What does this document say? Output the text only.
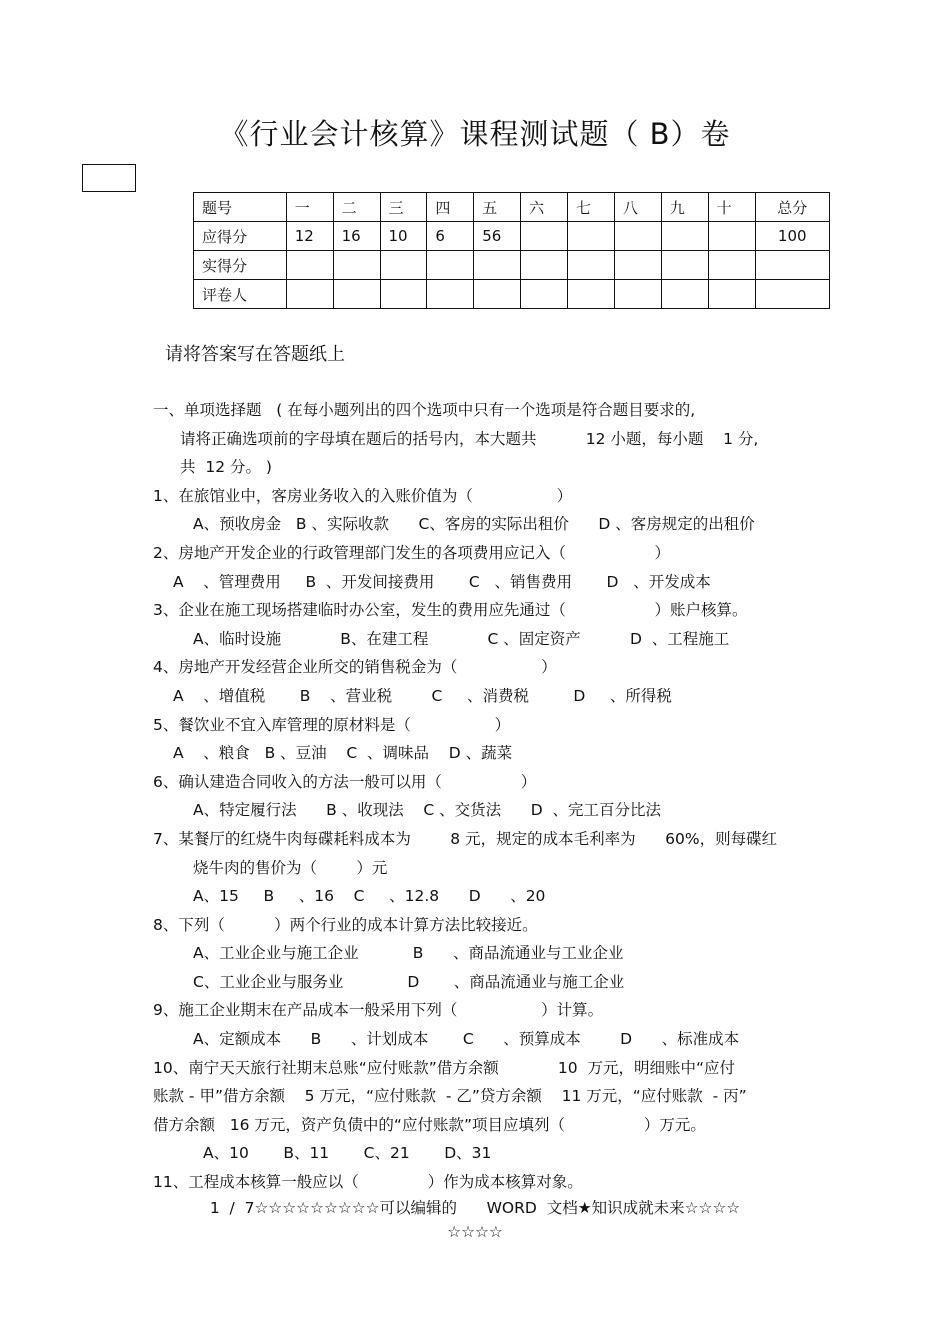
《行业会计核算》课程测试题（ B）卷
题号	一	二	三	四	五	六	七	八	九	十	总分
应得分	12	16	10	6	56						100
实得分											
评卷人											
请将答案写在答题纸上
一、单项选择题   ( 在每小题列出的四个选项中只有一个选项是符合题目要求的,
请将正确选项前的字母填在题后的括号内，本大题共          12 小题，每小题    1 分,
共  12 分。 )
1、在旅馆业中，客房业务收入的入账价值为（                 ）
A、预收房金   B 、实际收款      C、客房的实际出租价      D 、客房规定的出租价
2、房地产开发企业的行政管理部门发生的各项费用应记入（                  ）
A    、管理费用     B  、开发间接费用       C   、销售费用       D   、开发成本
3、企业在施工现场搭建临时办公室，发生的费用应先通过（                  ）账户核算。
A、临时设施            B、在建工程            C 、固定资产          D  、工程施工
4、房地产开发经营企业所交的销售税金为（                 ）
A    、增值税       B    、营业税        C     、消费税         D     、所得税
5、餐饮业不宜入库管理的原材料是（                 ）
A    、粮食   B 、豆油    C  、调味品    D 、蔬菜
6、确认建造合同收入的方法一般可以用（                ）
A、特定履行法      B 、收现法    C 、交货法      D  、完工百分比法
7、某餐厅的红烧牛肉每碟耗料成本为        8 元，规定的成本毛利率为      60%，则每碟红
烧牛肉的售价为（        ）元
A、15     B     、16    C     、12.8      D      、20
8、下列（          ）两个行业的成本计算方法比较接近。
A、工业企业与施工企业           B      、商品流通业与工业企业
C、工业企业与服务业             D       、商品流通业与施工企业
9、施工企业期末在产品成本一般采用下列（                 ）计算。
A、定额成本      B      、计划成本       C      、预算成本        D      、标准成本
10、南宁天天旅行社期末总账“应付账款”借方余额            10  万元，明细账中“应付
账款 - 甲”借方余额    5 万元，“应付账款  - 乙”贷方余额    11 万元，“应付账款  - 丙”
借方余额   16 万元，资产负债中的“应付账款”项目应填列（                ）万元。
A、10       B、11       C、21       D、31
11、工程成本核算一般应以（              ）作为成本核算对象。
1  /  7☆☆☆☆☆☆☆☆☆可以编辑的      WORD  文档★知识成就未来☆☆☆☆
☆☆☆☆
